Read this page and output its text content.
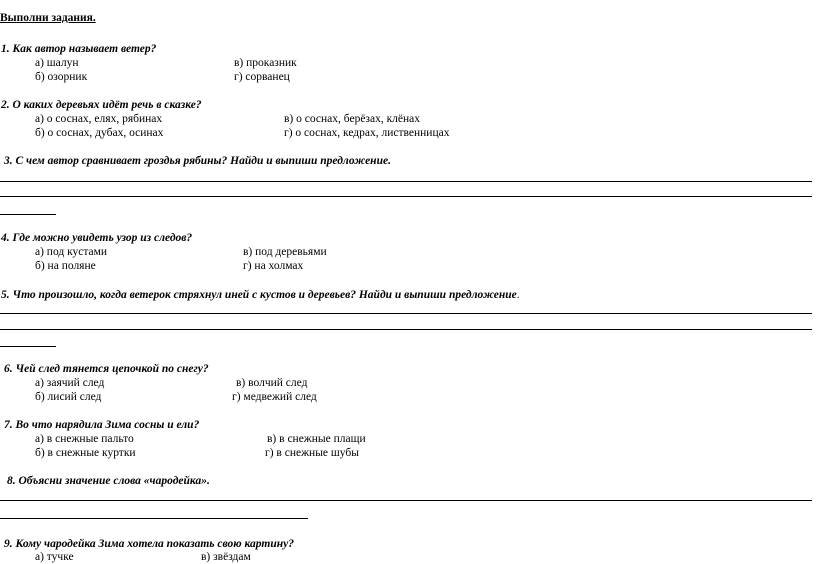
Выполни задания.
1. Как автор называет ветер?
а) шалун	в) проказник
б) озорник	г) сорванец
2. О каких деревьях идёт речь в сказке?
а) о соснах, елях, рябинах	в) о соснах, берёзах, клёнах
б) о соснах, дубах, осинах	г) о соснах, кедрах, лиственницах
3. С чем автор сравнивает гроздья рябины? Найди и выпиши предложение.
4. Где можно увидеть узор из следов?
а) под кустами	в) под деревьями
б) на поляне	г) на холмах
5. Что произошло, когда ветерок стряхнул иней с кустов и деревьев? Найди и выпиши предложение.
6. Чей след тянется цепочкой по снегу?
а) заячий след	в) волчий след
б) лисий след	г) медвежий след
7. Во что нарядила Зима сосны и ели?
а) в снежные пальто	в) в снежные плащи
б) в снежные куртки	г) в снежные шубы
8. Объясни значение слова «чародейка».
9. Кому чародейка Зима хотела показать свою картину?
а) тучке	в) звёздам
